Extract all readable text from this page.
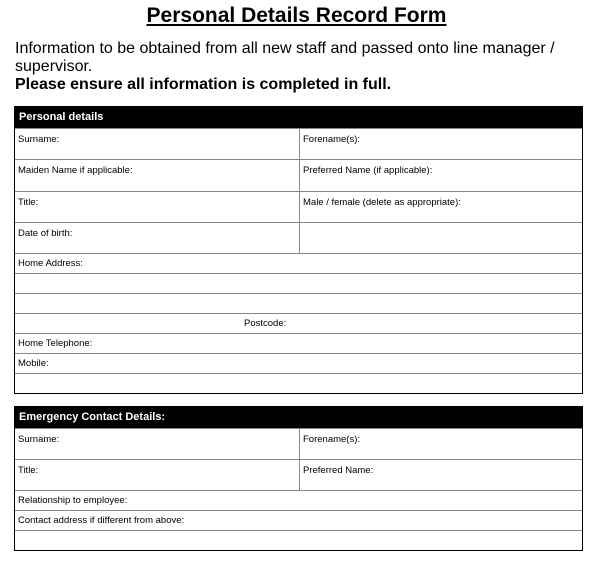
Personal Details Record Form
Information to be obtained from all new staff and passed onto line manager / supervisor.
Please ensure all information is completed in full.
Personal details
Surname:	Forename(s):
Maiden Name if applicable:	Preferred Name (if applicable):
Title:	Male / female (delete as appropriate):
Date of birth:
Home Address:
Postcode:
Home Telephone:
Mobile:
Emergency Contact Details:
Surname:	Forename(s):
Title:	Preferred Name:
Relationship to employee:
Contact address if different from above:
